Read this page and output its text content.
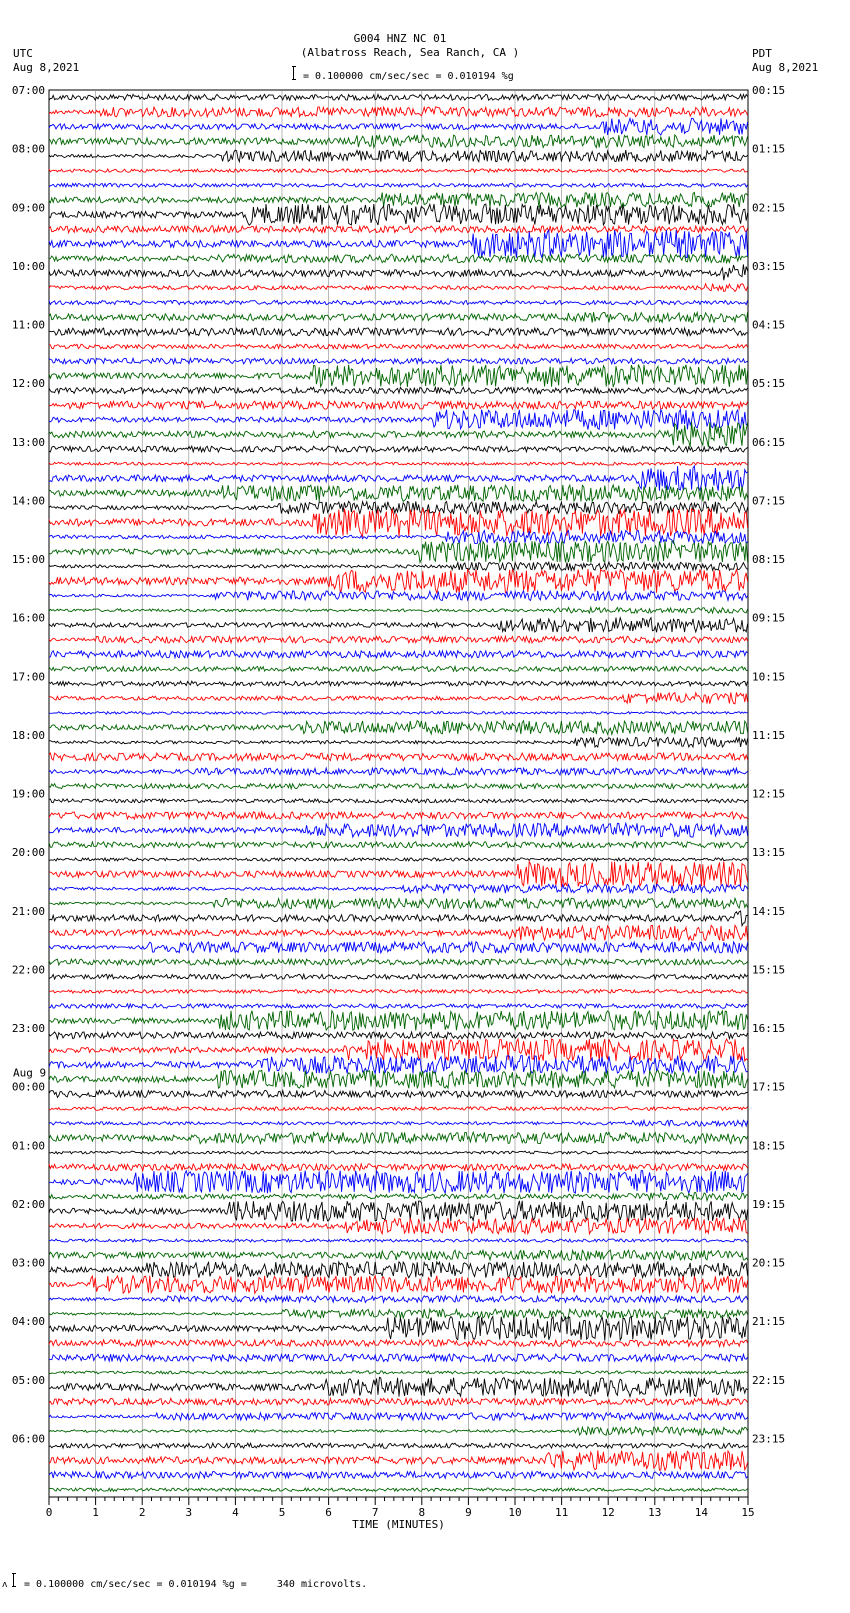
G004 HNZ NC 01
(Albatross Reach, Sea Ranch, CA )
UTC
Aug 8,2021
PDT
Aug 8,2021
= 0.100000 cm/sec/sec = 0.010194 %g
07:00
08:00
09:00
10:00
11:00
12:00
13:00
14:00
15:00
16:00
17:00
18:00
19:00
20:00
21:00
22:00
23:00
00:00
01:00
02:00
03:00
04:00
05:00
06:00
00:15
01:15
02:15
03:15
04:15
05:15
06:15
07:15
08:15
09:15
10:15
11:15
12:15
13:15
14:15
15:15
16:15
17:15
18:15
19:15
20:15
21:15
22:15
23:15
Aug 9
0	1	2	3	4	5	6	7	8	9	10	11	12	13	14	15
TIME (MINUTES)
ʌ = 0.100000 cm/sec/sec = 0.010194 %g =     340 microvolts.
